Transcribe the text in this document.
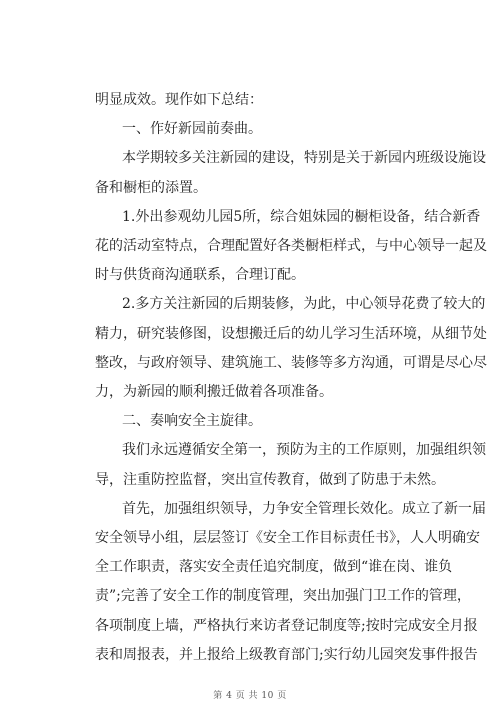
明显成效。现作如下总结：
一、作好新园前奏曲。
本学期较多关注新园的建设，特别是关于新园内班级设施设
备和橱柜的添置。
1.外出参观幼儿园5所，综合姐妹园的橱柜设备，结合新香
花的活动室特点，合理配置好各类橱柜样式，与中心领导一起及
时与供货商沟通联系，合理订配。
2.多方关注新园的后期装修，为此，中心领导花费了较大的
精力，研究装修图，设想搬迁后的幼儿学习生活环境，从细节处
整改，与政府领导、建筑施工、装修等多方沟通，可谓是尽心尽
力，为新园的顺利搬迁做着各项准备。
二、奏响安全主旋律。
我们永远遵循安全第一，预防为主的工作原则，加强组织领
导，注重防控监督，突出宣传教育，做到了防患于未然。
首先，加强组织领导，力争安全管理长效化。成立了新一届
安全领导小组，层层签订《安全工作目标责任书》，人人明确安
全工作职责，落实安全责任追究制度，做到“谁在岗、谁负
责”;完善了安全工作的制度管理，突出加强门卫工作的管理，
各项制度上墙，严格执行来访者登记制度等;按时完成安全月报
表和周报表，并上报给上级教育部门;实行幼儿园突发事件报告
第 4 页 共 10 页
